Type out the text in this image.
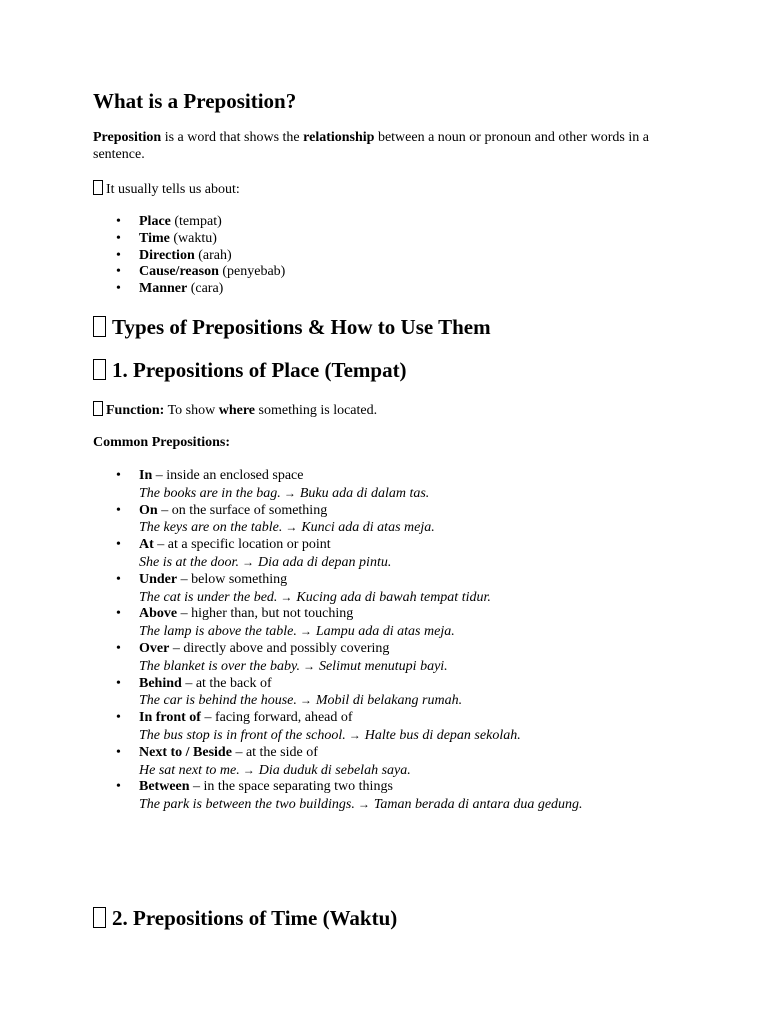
What is a Preposition?

Preposition is a word that shows the relationship between a noun or pronoun and other words in a sentence.

It usually tells us about:

• Place (tempat)
• Time (waktu)
• Direction (arah)
• Cause/reason (penyebab)
• Manner (cara)
Types of Prepositions & How to Use Them
1. Prepositions of Place (Tempat)

Function: To show where something is located.

Common Prepositions:

• In – inside an enclosed space
The books are in the bag. → Buku ada di dalam tas.
• On – on the surface of something
The keys are on the table. → Kunci ada di atas meja.
• At – at a specific location or point
She is at the door. → Dia ada di depan pintu.
• Under – below something
The cat is under the bed. → Kucing ada di bawah tempat tidur.
• Above – higher than, but not touching
The lamp is above the table. → Lampu ada di atas meja.
• Over – directly above and possibly covering
The blanket is over the baby. → Selimut menutupi bayi.
• Behind – at the back of
The car is behind the house. → Mobil di belakang rumah.
• In front of – facing forward, ahead of
The bus stop is in front of the school. → Halte bus di depan sekolah.
• Next to / Beside – at the side of
He sat next to me. → Dia duduk di sebelah saya.
• Between – in the space separating two things
The park is between the two buildings. → Taman berada di antara dua gedung.
2. Prepositions of Time (Waktu)
